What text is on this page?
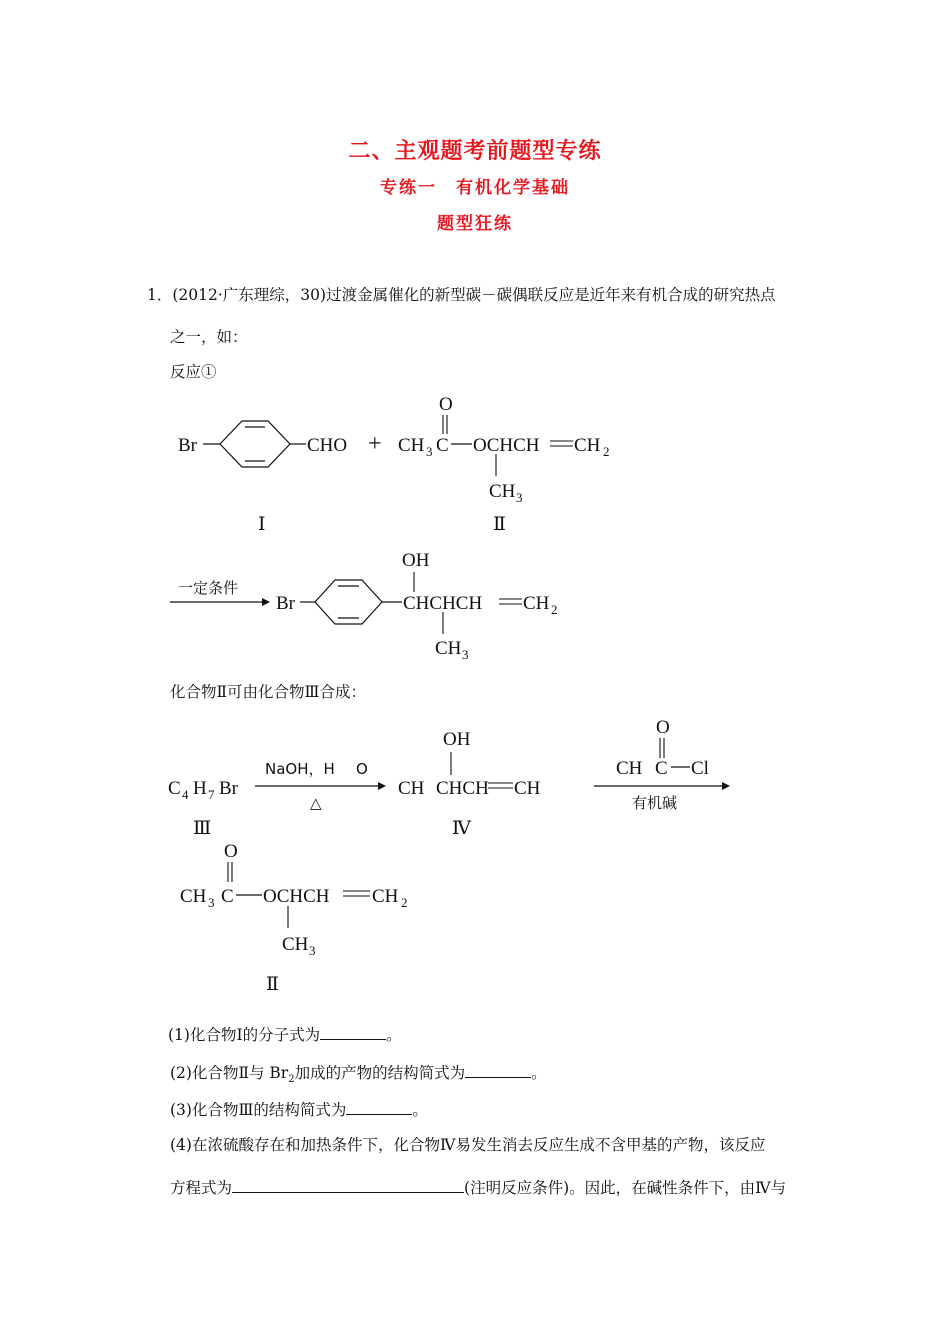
二、主观题考前题型专练
专练一　有机化学基础
题型狂练
1．(2012·广东理综，30)过渡金属催化的新型碳－碳偶联反应是近年来有机合成的研究热点
之一，如：
反应①
Br	CHO +
O
CH 3 C OCHCH CH 2
CH 3
Ⅰ	Ⅱ
一定条件
Br
OH
CHCHCH CH 2
CH 3
化合物Ⅱ可由化合物Ⅲ合成：
C 4 H 7 Br
Ⅲ
NaOH，H O
△
OH
CH CHCH CH
Ⅳ
O
CH C Cl
有机碱
O
CH 3 C OCHCH CH 2
CH 3
Ⅱ
(1)化合物Ⅰ的分子式为	。
(2)化合物Ⅱ与 $Br_2$加成的产物的结构简式为	。
(3)化合物Ⅲ的结构简式为	。
(4)在浓硫酸存在和加热条件下，化合物Ⅳ易发生消去反应生成不含甲基的产物，该反应
方程式为	(注明反应条件)。因此，在碱性条件下，由Ⅳ与
